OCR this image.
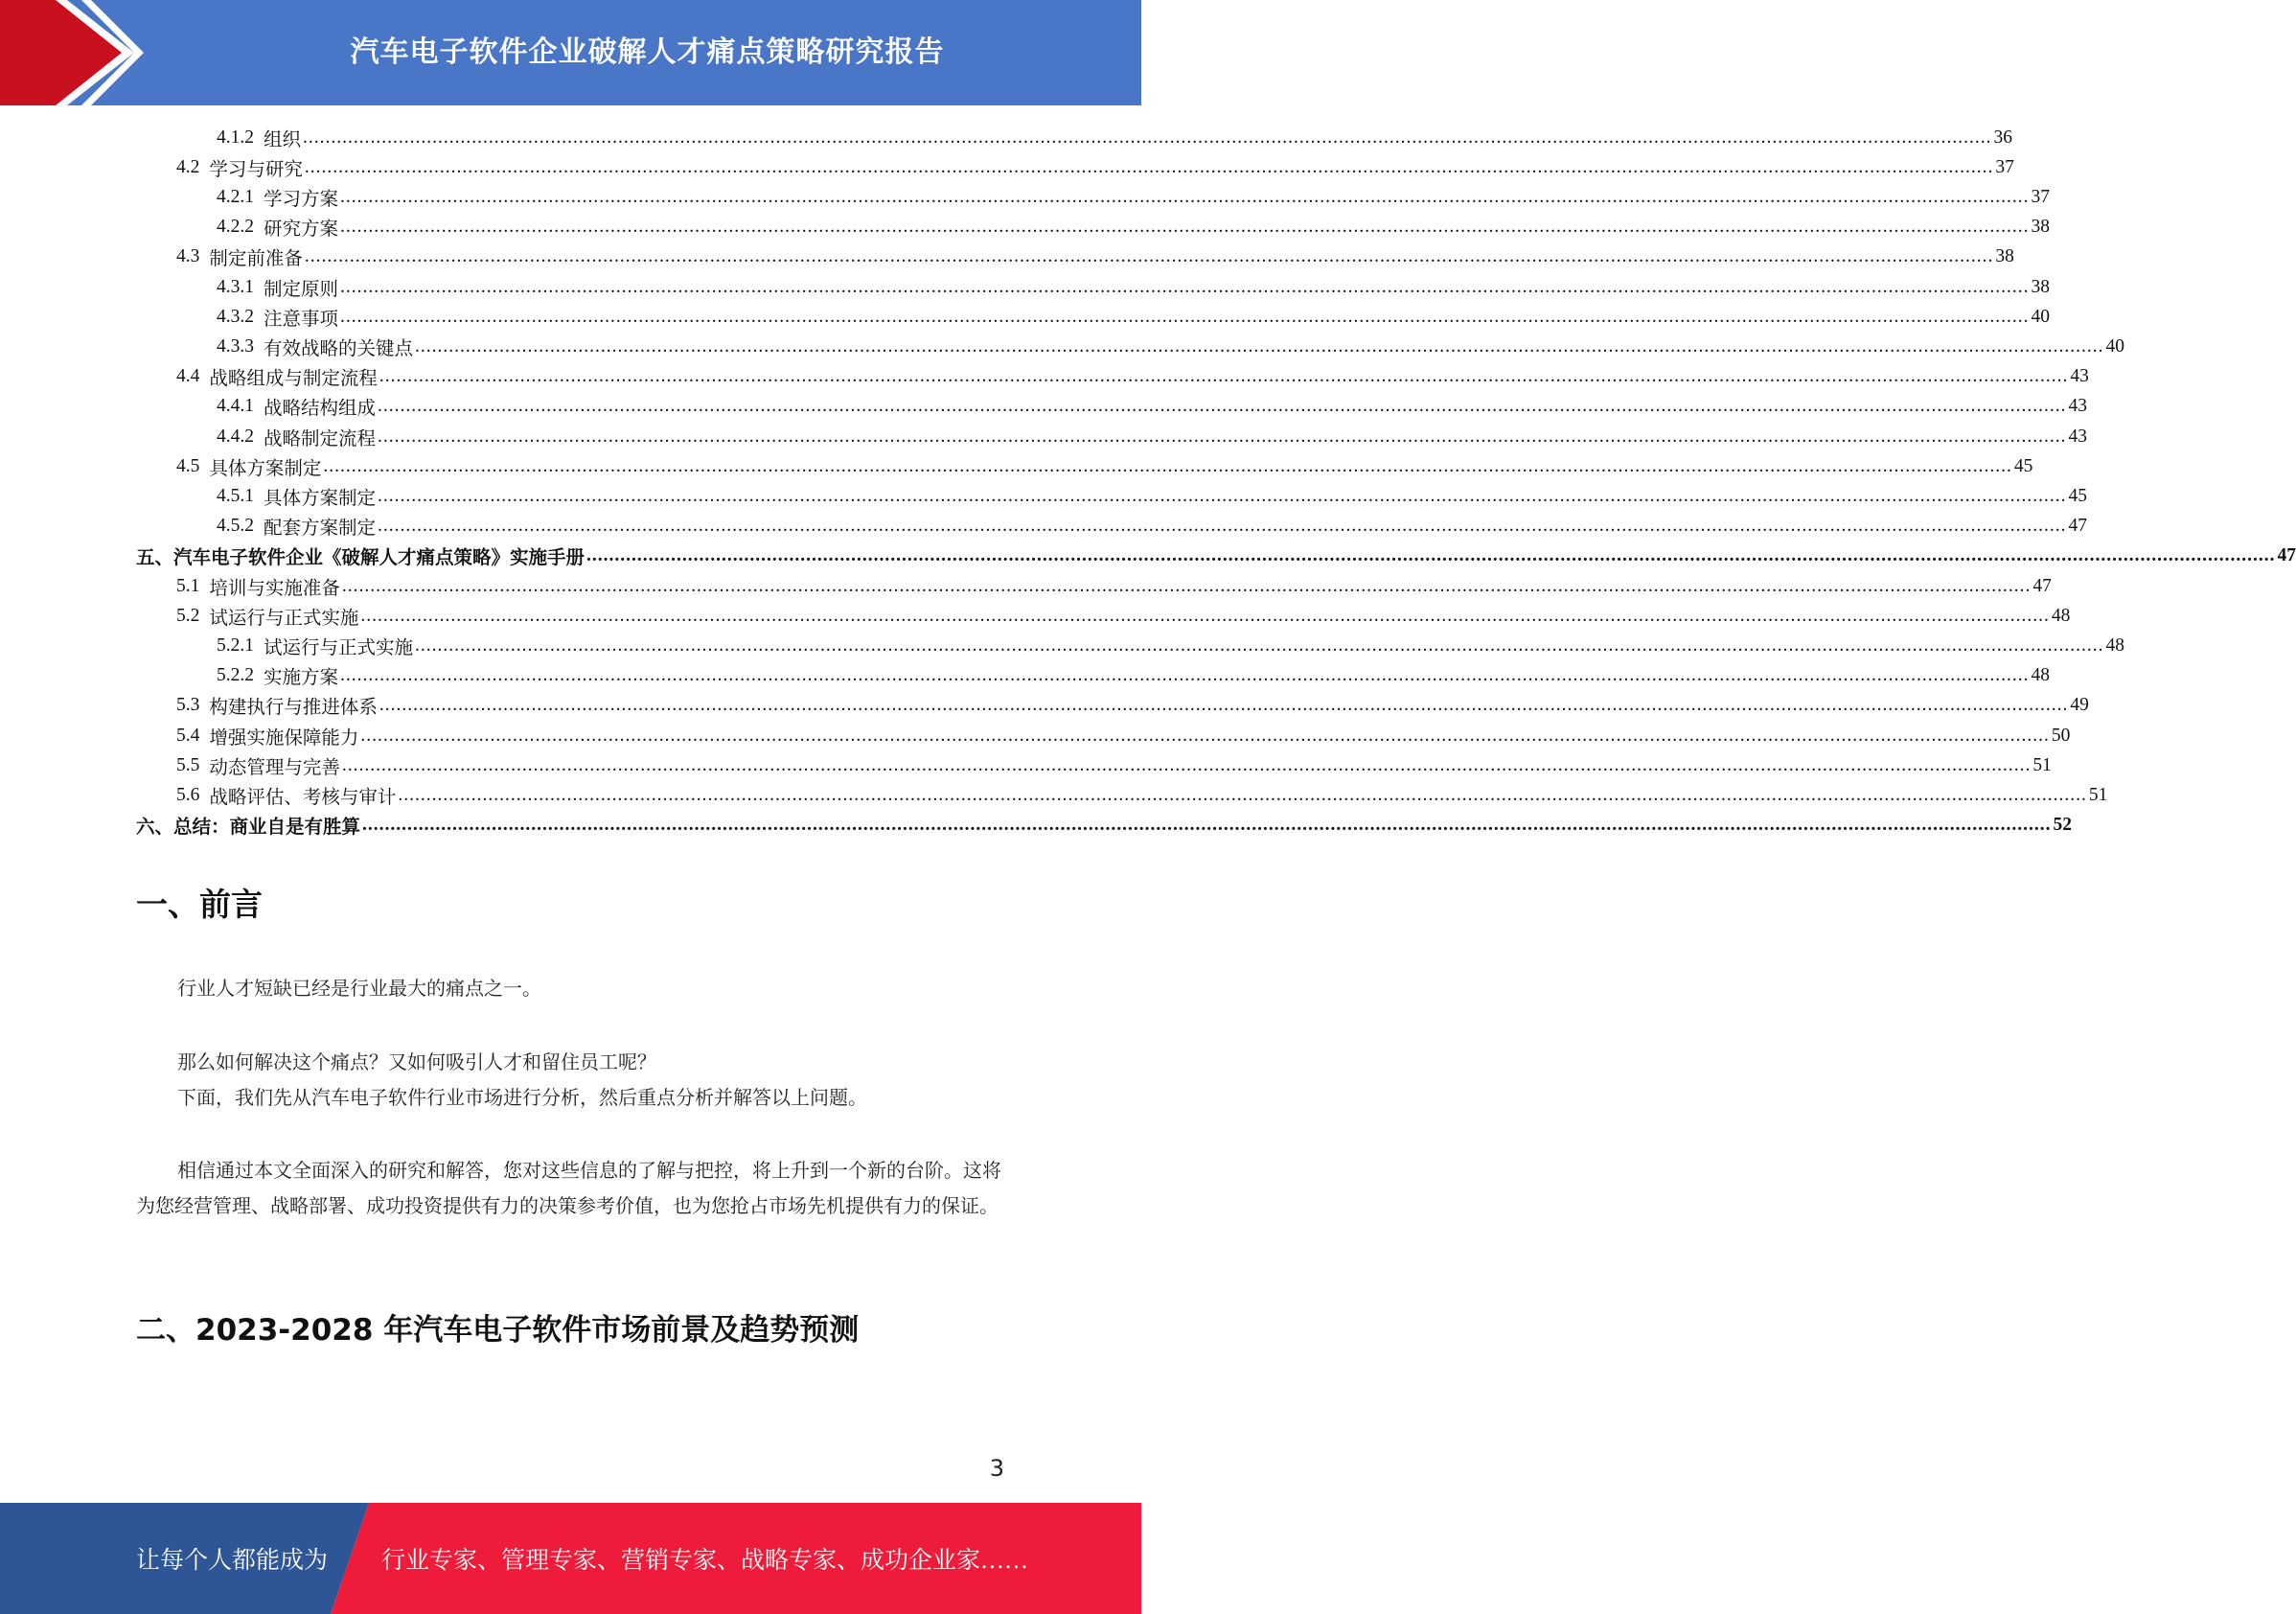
汽车电子软件企业破解人才痛点策略研究报告
4.1.2 组织 ............................................................................................................................................................................................................................................................................................................ 36
4.2 学习与研究 ............................................................................................................................................................................................................................................................................................................ 37
4.2.1 学习方案 ............................................................................................................................................................................................................................................................................................................ 37
4.2.2 研究方案 ............................................................................................................................................................................................................................................................................................................ 38
4.3 制定前准备 ............................................................................................................................................................................................................................................................................................................ 38
4.3.1 制定原则 ............................................................................................................................................................................................................................................................................................................ 38
4.3.2 注意事项 ............................................................................................................................................................................................................................................................................................................ 40
4.3.3 有效战略的关键点 ............................................................................................................................................................................................................................................................................................................ 40
4.4 战略组成与制定流程 ............................................................................................................................................................................................................................................................................................................ 43
4.4.1 战略结构组成 ............................................................................................................................................................................................................................................................................................................ 43
4.4.2 战略制定流程 ............................................................................................................................................................................................................................................................................................................ 43
4.5 具体方案制定 ............................................................................................................................................................................................................................................................................................................ 45
4.5.1 具体方案制定 ............................................................................................................................................................................................................................................................................................................ 45
4.5.2 配套方案制定 ............................................................................................................................................................................................................................................................................................................ 47
五、 汽车电子软件企业《破解人才痛点策略》实施手册 ............................................................................................................................................................................................................................................................................................................ 47
5.1 培训与实施准备 ............................................................................................................................................................................................................................................................................................................ 47
5.2 试运行与正式实施 ............................................................................................................................................................................................................................................................................................................ 48
5.2.1 试运行与正式实施 ............................................................................................................................................................................................................................................................................................................ 48
5.2.2 实施方案 ............................................................................................................................................................................................................................................................................................................ 48
5.3 构建执行与推进体系 ............................................................................................................................................................................................................................................................................................................ 49
5.4 增强实施保障能力 ............................................................................................................................................................................................................................................................................................................ 50
5.5 动态管理与完善 ............................................................................................................................................................................................................................................................................................................ 51
5.6 战略评估、考核与审计 ............................................................................................................................................................................................................................................................................................................ 51
六、 总结：商业自是有胜算 ............................................................................................................................................................................................................................................................................................................ 52
一、前言

行业人才短缺已经是行业最大的痛点之一。

那么如何解决这个痛点？又如何吸引人才和留住员工呢？

下面，我们先从汽车电子软件行业市场进行分析，然后重点分析并解答以上问题。

相信通过本文全面深入的研究和解答，您对这些信息的了解与把控，将上升到一个新的台阶。这将为您经营管理、战略部署、成功投资提供有力的决策参考价值，也为您抢占市场先机提供有力的保证。

二、2023-2028 年汽车电子软件市场前景及趋势预测
3
让每个人都能成为 行业专家、管理专家、营销专家、战略专家、成功企业家……
